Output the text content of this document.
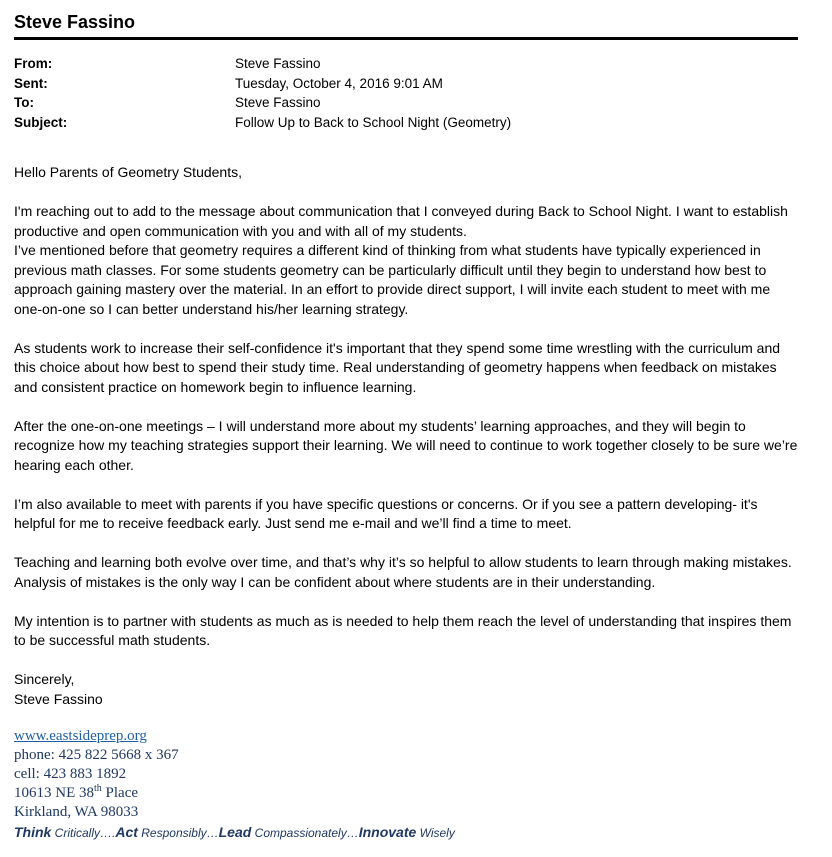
Steve Fassino
From:	Steve Fassino
Sent:	Tuesday, October 4, 2016 9:01 AM
To:	Steve Fassino
Subject:	Follow Up to Back to School Night (Geometry)

Hello Parents of Geometry Students,

I'm reaching out to add to the message about communication that I conveyed during Back to School Night. I want to establish productive and open communication with you and with all of my students.
I’ve mentioned before that geometry requires a different kind of thinking from what students have typically experienced in previous math classes. For some students geometry can be particularly difficult until they begin to understand how best to approach gaining mastery over the material. In an effort to provide direct support, I will invite each student to meet with me one-on-one so I can better understand his/her learning strategy.

As students work to increase their self-confidence it's important that they spend some time wrestling with the curriculum and this choice about how best to spend their study time. Real understanding of geometry happens when feedback on mistakes and consistent practice on homework begin to influence learning.

After the one-on-one meetings – I will understand more about my students’ learning approaches, and they will begin to recognize how my teaching strategies support their learning. We will need to continue to work together closely to be sure we’re hearing each other.

I’m also available to meet with parents if you have specific questions or concerns. Or if you see a pattern developing- it's helpful for me to receive feedback early. Just send me e-mail and we’ll find a time to meet.

Teaching and learning both evolve over time, and that’s why it’s so helpful to allow students to learn through making mistakes. Analysis of mistakes is the only way I can be confident about where students are in their understanding.

My intention is to partner with students as much as is needed to help them reach the level of understanding that inspires them to be successful math students.

Sincerely,
Steve Fassino
www.eastsideprep.org
phone: 425 822 5668 x 367
cell: 423 883 1892
10613 NE 38th Place
Kirkland, WA 98033
Think Critically….Act Responsibly…Lead Compassionately…Innovate Wisely
